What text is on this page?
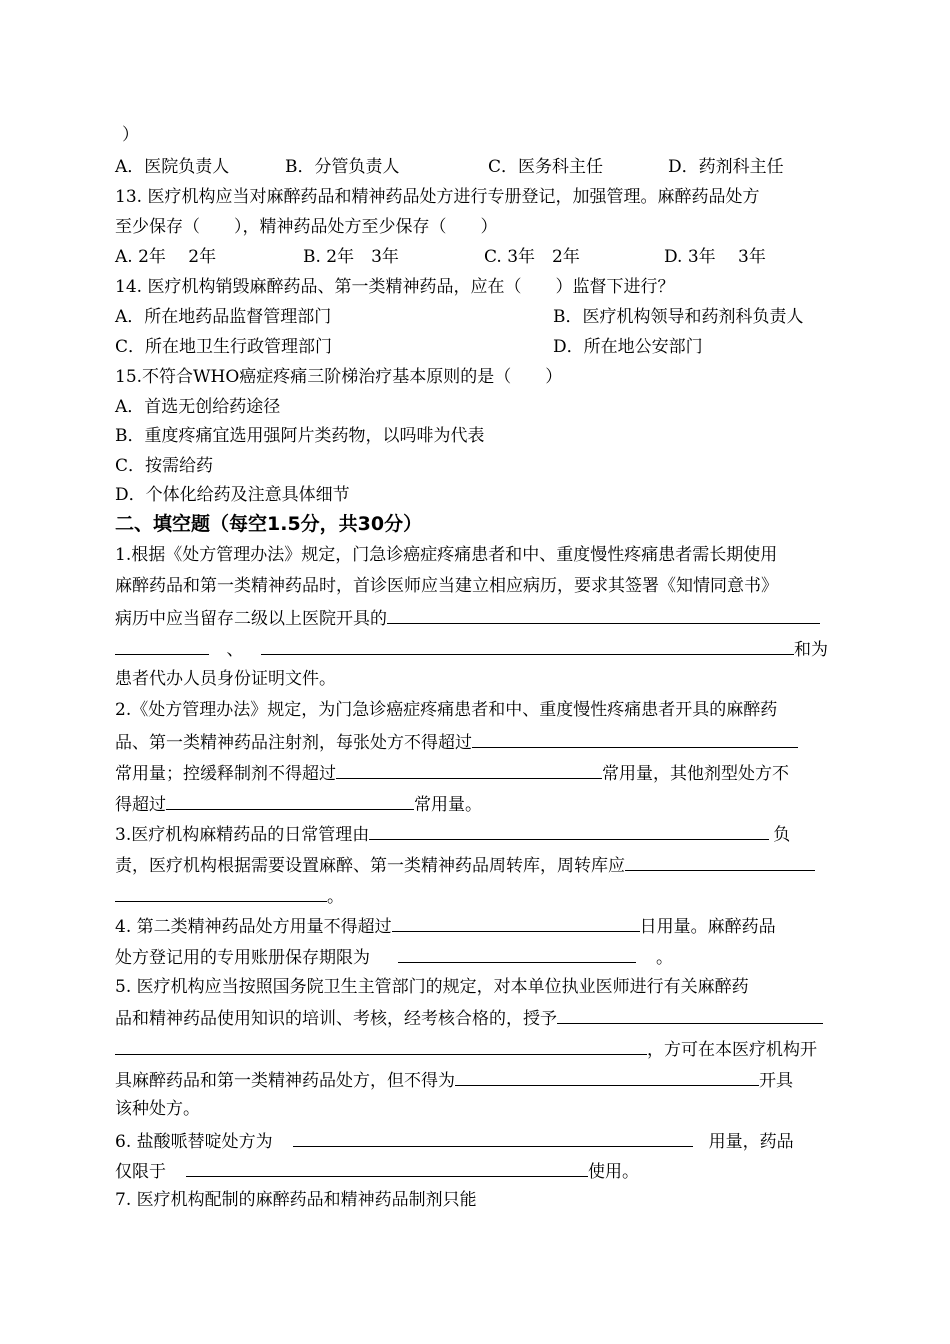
）
A．医院负责人	B．分管负责人	C．医务科主任	D．药剂科主任
13. 医疗机构应当对麻醉药品和精神药品处方进行专册登记，加强管理。麻醉药品处方
至少保存（　　），精神药品处方至少保存（　　）
A. 2年　 2年	B. 2年　3年	C. 3年　2年	D. 3年　 3年
14. 医疗机构销毁麻醉药品、第一类精神药品，应在（　　）监督下进行？
A．所在地药品监督管理部门	B．医疗机构领导和药剂科负责人
C．所在地卫生行政管理部门	D．所在地公安部门
15.不符合WHO癌症疼痛三阶梯治疗基本原则的是（　　）
A．首选无创给药途径
B．重度疼痛宜选用强阿片类药物，以吗啡为代表
C．按需给药
D．个体化给药及注意具体细节
二、填空题（每空1.5分，共30分）
1.根据《处方管理办法》规定，门急诊癌症疼痛患者和中、重度慢性疼痛患者需长期使用
麻醉药品和第一类精神药品时，首诊医师应当建立相应病历，要求其签署《知情同意书》
病历中应当留存二级以上医院开具的
、	和为
患者代办人员身份证明文件。
2.《处方管理办法》规定，为门急诊癌症疼痛患者和中、重度慢性疼痛患者开具的麻醉药
品、第一类精神药品注射剂，每张处方不得超过
常用量；控缓释制剂不得超过	常用量，其他剂型处方不
得超过	常用量。
3.医疗机构麻精药品的日常管理由	负
责，医疗机构根据需要设置麻醉、第一类精神药品周转库，周转库应
。
4. 第二类精神药品处方用量不得超过	日用量。麻醉药品
处方登记用的专用账册保存期限为	。
5. 医疗机构应当按照国务院卫生主管部门的规定，对本单位执业医师进行有关麻醉药
品和精神药品使用知识的培训、考核，经考核合格的，授予
，方可在本医疗机构开
具麻醉药品和第一类精神药品处方，但不得为	开具
该种处方。
6. 盐酸哌替啶处方为	用量，药品
仅限于	使用。
7. 医疗机构配制的麻醉药品和精神药品制剂只能
